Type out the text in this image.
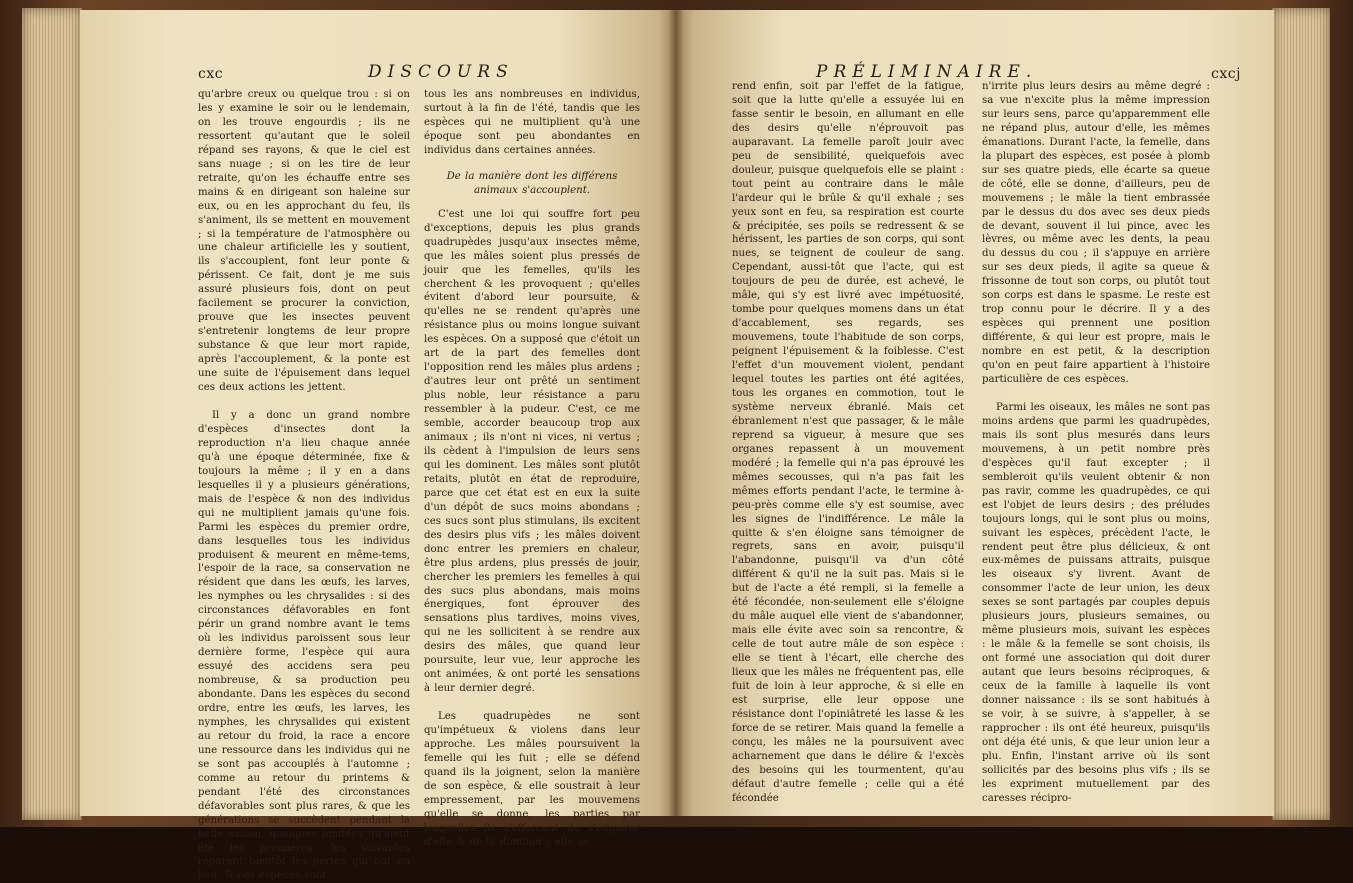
cxc	DISCOURS

qu'arbre creux ou quelque trou : si on les y examine le soir ou le lendemain, on les trouve engourdis ; ils ne ressortent qu'autant que le soleil répand ses rayons, & que le ciel est sans nuage ; si on les tire de leur retraite, qu'on les échauffe entre ses mains & en dirigeant son haleine sur eux, ou en les approchant du feu, ils s'animent, ils se mettent en mouvement ; si la température de l'atmosphère ou une chaleur artificielle les y soutient, ils s'accouplent, font leur ponte & périssent. Ce fait, dont je me suis assuré plusieurs fois, dont on peut facilement se procurer la conviction, prouve que les insectes peuvent s'entretenir longtems de leur propre substance & que leur mort rapide, après l'accouplement, & la ponte est une suite de l'épuisement dans lequel ces deux actions les jettent.

Il y a donc un grand nombre d'espèces d'insectes dont la reproduction n'a lieu chaque année qu'à une époque déterminée, fixe & toujours la même ; il y en a dans lesquelles il y a plusieurs générations, mais de l'espèce & non des individus qui ne multiplient jamais qu'une fois. Parmi les espèces du premier ordre, dans lesquelles tous les individus produisent & meurent en même-tems, l'espoir de la race, sa conservation ne résident que dans les œufs, les larves, les nymphes ou les chrysalides : si des circonstances défavorables en font périr un grand nombre avant le tems où les individus paroissent sous leur dernière forme, l'espèce qui aura essuyé des accidens sera peu nombreuse, & sa production peu abondante. Dans les espèces du second ordre, entre les œufs, les larves, les nymphes, les chrysalides qui existent au retour du froid, la race a encore une ressource dans les individus qui ne se sont pas accouplés à l'automne ; comme au retour du printems & pendant l'été des circonstances défavorables sont plus rares, & que les générations se succèdent pendant la belle saison, quelques limitées qu'aient été les premières, les suivantes réparent bientôt les pertes qui ont eu lieu, & ces espèces sont

tous les ans nombreuses en individus, surtout à la fin de l'été, tandis que les espèces qui ne multiplient qu'à une époque sont peu abondantes en individus dans certaines années.

De la manière dont les différens animaux s'accouplent.

C'est une loi qui souffre fort peu d'exceptions, depuis les plus grands quadrupèdes jusqu'aux insectes même, que les mâles soient plus pressés de jouir que les femelles, qu'ils les cherchent & les provoquent ; qu'elles évitent d'abord leur poursuite, & qu'elles ne se rendent qu'après une résistance plus ou moins longue suivant les espèces. On a supposé que c'étoit un art de la part des femelles dont l'opposition rend les mâles plus ardens ; d'autres leur ont prêté un sentiment plus noble, leur résistance a paru ressembler à la pudeur. C'est, ce me semble, accorder beaucoup trop aux animaux ; ils n'ont ni vices, ni vertus ; ils cèdent à l'impulsion de leurs sens qui les dominent. Les mâles sont plutôt retaits, plutôt en état de reproduire, parce que cet état est en eux la suite d'un dépôt de sucs moins abondans ; ces sucs sont plus stimulans, ils excitent des desirs plus vifs ; les mâles doivent donc entrer les premiers en chaleur, être plus ardens, plus pressés de jouir, chercher les premiers les femelles à qui des sucs plus abondans, mais moins énergiques, font éprouver des sensations plus tardives, moins vives, qui ne les sollicitent à se rendre aux desirs des mâles, que quand leur poursuite, leur vue, leur approche les ont animées, & ont porté les sensations à leur dernier degré.

Les quadrupèdes ne sont qu'impétueux & violens dans leur approche. Les mâles poursuivent la femelle qui les fuit ; elle se défend quand ils la joignent, selon la manière de son espèce, & elle soustrait à leur empressement, par les mouvemens qu'elle se donne, les parties par lesquelles ils s'efforcent de s'emparer d'elle & de la dominer ; elle se

PRÉLIMINAIRE.	cxcj

rend enfin, soit par l'effet de la fatigue, soit que la lutte qu'elle a essuyée lui en fasse sentir le besoin, en allumant en elle des desirs qu'elle n'éprouvoit pas auparavant. La femelle paroît jouir avec peu de sensibilité, quelquefois avec douleur, puisque quelquefois elle se plaint : tout peint au contraire dans le mâle l'ardeur qui le brûle & qu'il exhale ; ses yeux sont en feu, sa respiration est courte & précipitée, ses poils se redressent & se hérissent, les parties de son corps, qui sont nues, se teignent de couleur de sang. Cependant, aussi-tôt que l'acte, qui est toujours de peu de durée, est achevé, le mâle, qui s'y est livré avec impétuosité, tombe pour quelques momens dans un état d'accablement, ses regards, ses mouvemens, toute l'habitude de son corps, peignent l'épuisement & la foiblesse. C'est l'effet d'un mouvement violent, pendant lequel toutes les parties ont été agitées, tous les organes en commotion, tout le système nerveux ébranlé. Mais cet ébranlement n'est que passager, & le mâle reprend sa vigueur, à mesure que ses organes repassent à un mouvement modéré ; la femelle qui n'a pas éprouvé les mêmes secousses, qui n'a pas fait les mêmes efforts pendant l'acte, le termine à-peu-près comme elle s'y est soumise, avec les signes de l'indifférence. Le mâle la quitte & s'en éloigne sans témoigner de regrets, sans en avoir, puisqu'il l'abandonne, puisqu'il va d'un côté différent & qu'il ne la suit pas. Mais si le but de l'acte a été rempli, si la femelle a été fécondée, non-seulement elle s'éloigne du mâle auquel elle vient de s'abandonner, mais elle évite avec soin sa rencontre, & celle de tout autre mâle de son espèce : elle se tient à l'écart, elle cherche des lieux que les mâles ne fréquentent pas, elle fuit de loin à leur approche, & si elle en est surprise, elle leur oppose une résistance dont l'opiniâtreté les lasse & les force de se retirer. Mais quand la femelle a conçu, les mâles ne la poursuivent avec acharnement que dans le délire & l'excès des besoins qui les tourmentent, qu'au défaut d'autre femelle ; celle qui a été fécondée

n'irrite plus leurs desirs au même degré : sa vue n'excite plus la même impression sur leurs sens, parce qu'apparemment elle ne répand plus, autour d'elle, les mêmes émanations. Durant l'acte, la femelle, dans la plupart des espèces, est posée à plomb sur ses quatre pieds, elle écarte sa queue de côté, elle se donne, d'ailleurs, peu de mouvemens ; le mâle la tient embrassée par le dessus du dos avec ses deux pieds de devant, souvent il lui pince, avec les lèvres, ou même avec les dents, la peau du dessus du cou ; il s'appuye en arrière sur ses deux pieds, il agite sa queue & frissonne de tout son corps, ou plutôt tout son corps est dans le spasme. Le reste est trop connu pour le décrire. Il y a des espèces qui prennent une position différente, & qui leur est propre, mais le nombre en est petit, & la description qu'on en peut faire appartient à l'histoire particulière de ces espèces.

Parmi les oiseaux, les mâles ne sont pas moins ardens que parmi les quadrupèdes, mais ils sont plus mesurés dans leurs mouvemens, à un petit nombre près d'espèces qu'il faut excepter ; il sembleroit qu'ils veulent obtenir & non pas ravir, comme les quadrupèdes, ce qui est l'objet de leurs desirs ; des préludes toujours longs, qui le sont plus ou moins, suivant les espèces, précèdent l'acte, le rendent peut être plus délicieux, & ont eux-mêmes de puissans attraits, puisque les oiseaux s'y livrent. Avant de consommer l'acte de leur union, les deux sexes se sont partagés par couples depuis plusieurs jours, plusieurs semaines, ou même plusieurs mois, suivant les espèces : le mâle & la femelle se sont choisis, ils ont formé une association qui doit durer autant que leurs besoins réciproques, & ceux de la famille à laquelle ils vont donner naissance : ils se sont habitués à se voir, à se suivre, à s'appeller, à se rapprocher : ils ont été heureux, puisqu'ils ont déja été unis, & que leur union leur a plu. Enfin, l'instant arrive où ils sont sollicités par des besoins plus vifs ; ils se les expriment mutuellement par des caresses récipro-
